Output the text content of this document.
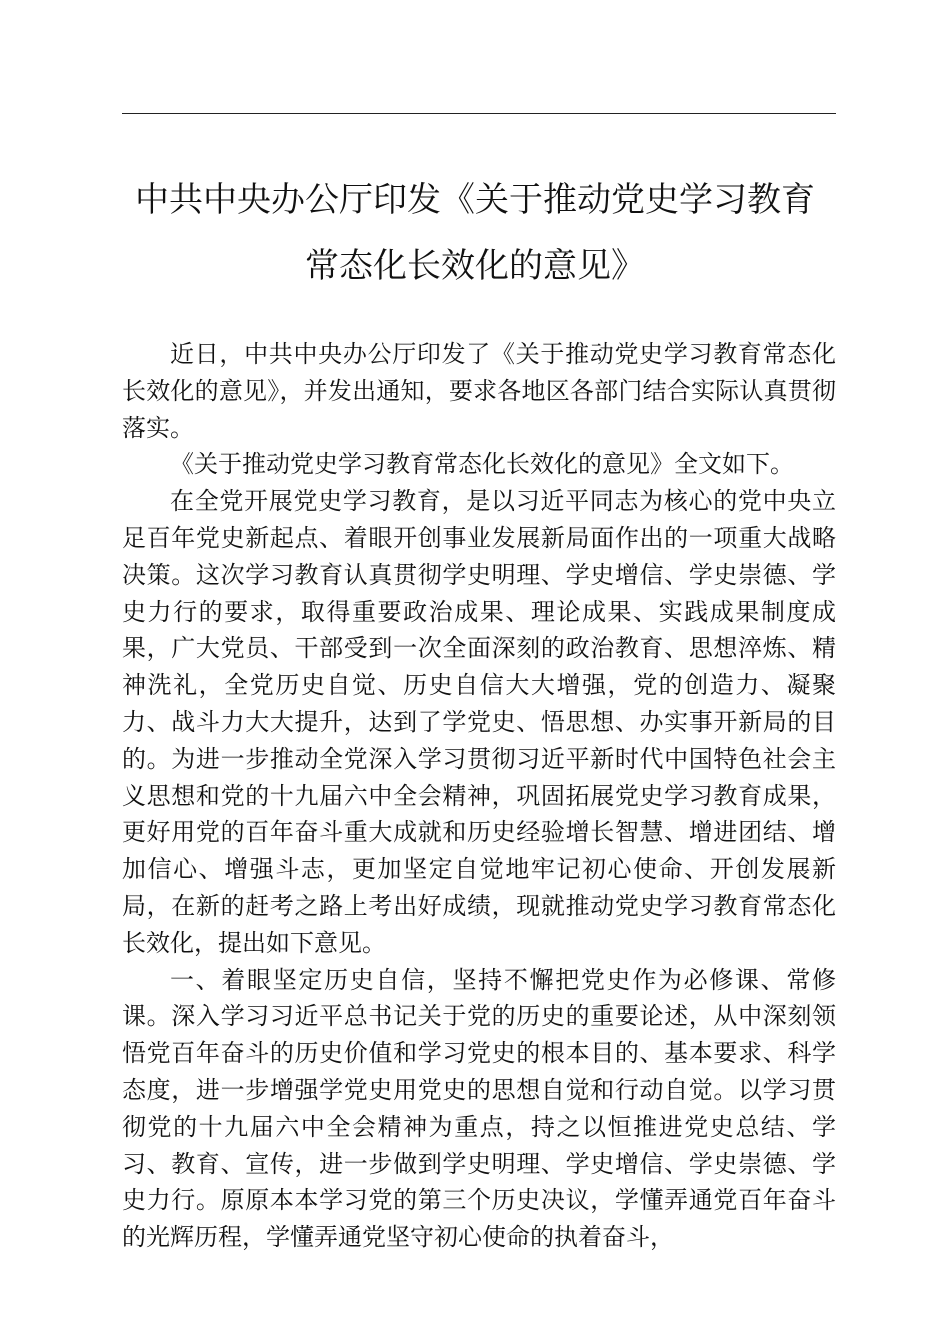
中共中央办公厅印发《关于推动党史学习教育
常态化长效化的意见》

近日，中共中央办公厅印发了《关于推动党史学习教育常态化长效化的意见》，并发出通知，要求各地区各部门结合实际认真贯彻落实。

《关于推动党史学习教育常态化长效化的意见》全文如下。

在全党开展党史学习教育，是以习近平同志为核心的党中央立足百年党史新起点、着眼开创事业发展新局面作出的一项重大战略决策。这次学习教育认真贯彻学史明理、学史增信、学史崇德、学史力行的要求，取得重要政治成果、理论成果、实践成果制度成果，广大党员、干部受到一次全面深刻的政治教育、思想淬炼、精神洗礼，全党历史自觉、历史自信大大增强，党的创造力、凝聚力、战斗力大大提升，达到了学党史、悟思想、办实事开新局的目的。为进一步推动全党深入学习贯彻习近平新时代中国特色社会主义思想和党的十九届六中全会精神，巩固拓展党史学习教育成果，更好用党的百年奋斗重大成就和历史经验增长智慧、增进团结、增加信心、增强斗志，更加坚定自觉地牢记初心使命、开创发展新局，在新的赶考之路上考出好成绩，现就推动党史学习教育常态化长效化，提出如下意见。

一、着眼坚定历史自信，坚持不懈把党史作为必修课、常修课。深入学习习近平总书记关于党的历史的重要论述，从中深刻领悟党百年奋斗的历史价值和学习党史的根本目的、基本要求、科学态度，进一步增强学党史用党史的思想自觉和行动自觉。以学习贯彻党的十九届六中全会精神为重点，持之以恒推进党史总结、学习、教育、宣传，进一步做到学史明理、学史增信、学史崇德、学史力行。原原本本学习党的第三个历史决议，学懂弄通党百年奋斗的光辉历程，学懂弄通党坚守初心使命的执着奋斗，
